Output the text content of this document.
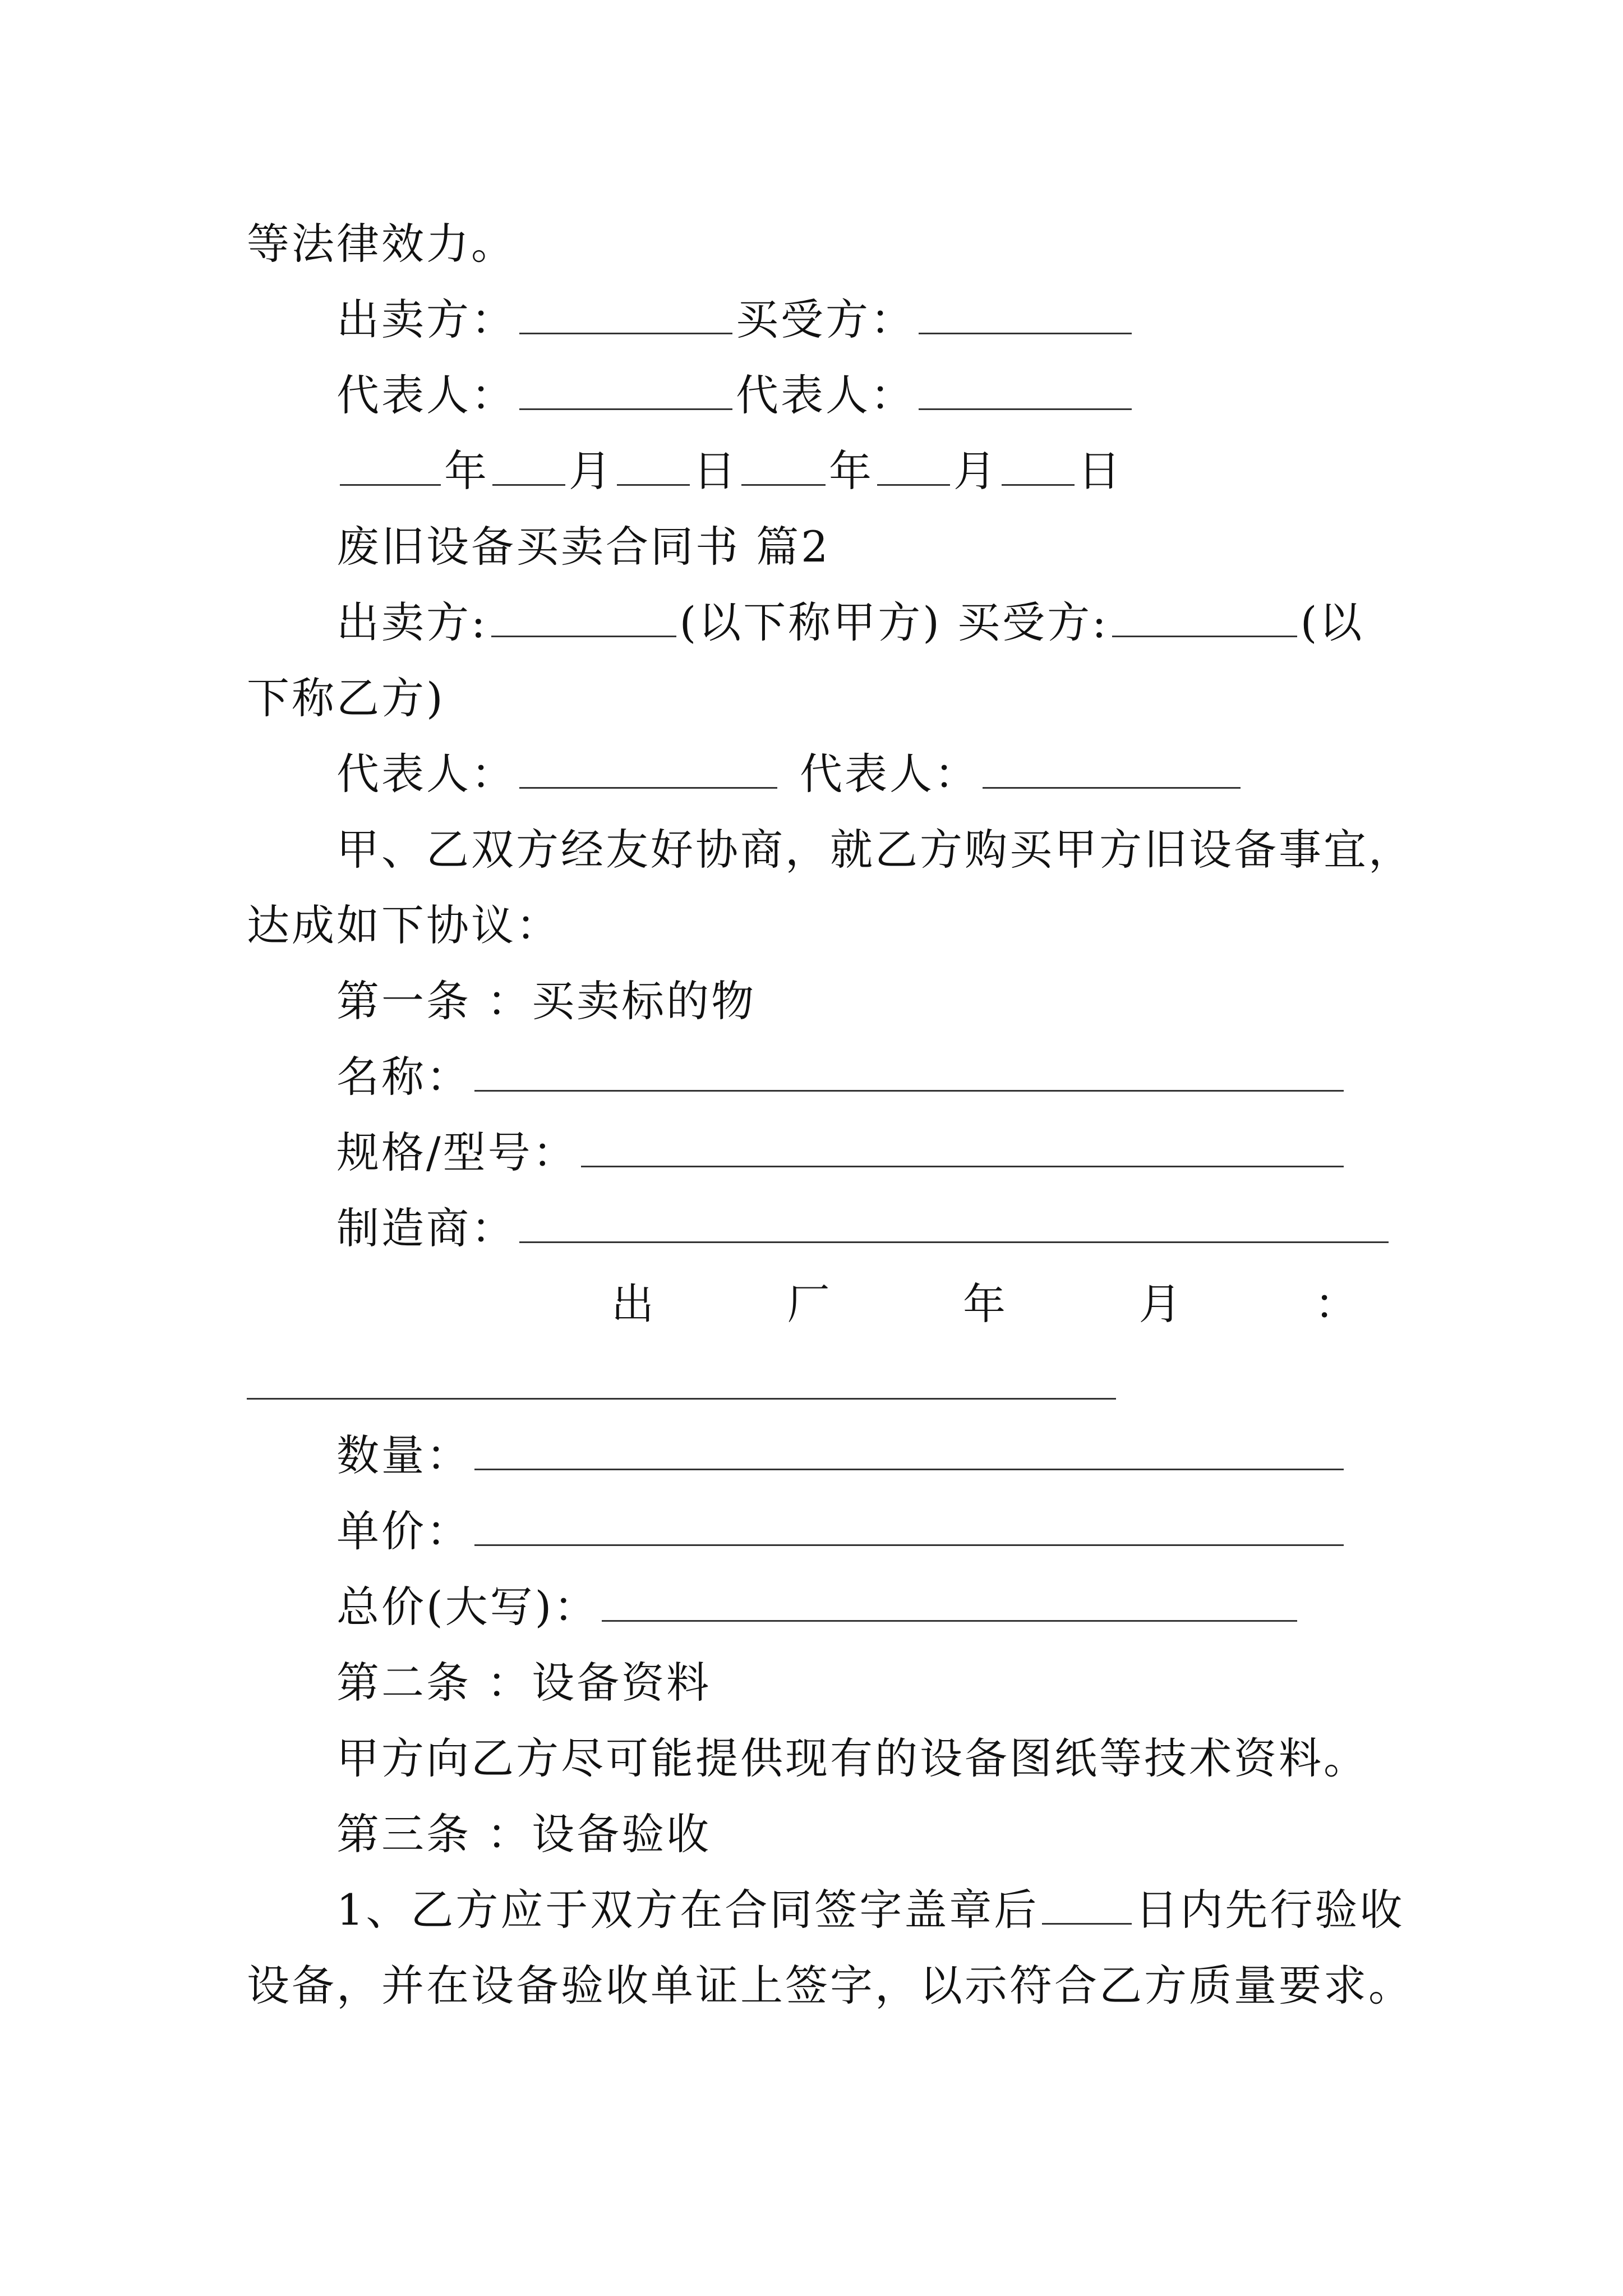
等法律效力。
出卖方：	买受方：
代表人：	代表人：
年 月 日 年 月 日
废旧设备买卖合同书 篇2
出卖方:	(以下称甲方) 买受方:	(以
下称乙方)
代表人：	代表人：
甲、乙双方经友好协商，就乙方购买甲方旧设备事宜，
达成如下协议：
第一条 ：买卖标的物
名称：
规格/型号：
制造商：
出	厂	年	月	：
数量：
单价：
总价(大写)：
第二条 ：设备资料
甲方向乙方尽可能提供现有的设备图纸等技术资料。
第三条 ：设备验收
1、乙方应于双方在合同签字盖章后 日内先行验收
设备，并在设备验收单证上签字，以示符合乙方质量要求。
